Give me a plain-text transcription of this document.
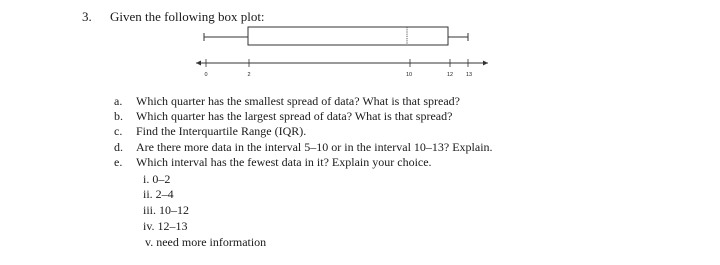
3. Given the following box plot:
0	2	10	12 13
a.	Which quarter has the smallest spread of data? What is that spread?
b.	Which quarter has the largest spread of data? What is that spread?
c.	Find the Interquartile Range (IQR).
d.	Are there more data in the interval 5–10 or in the interval 10–13? Explain.
e.	Which interval has the fewest data in it? Explain your choice.
i. 0–2
ii. 2–4
iii. 10–12
iv. 12–13
v. need more information
